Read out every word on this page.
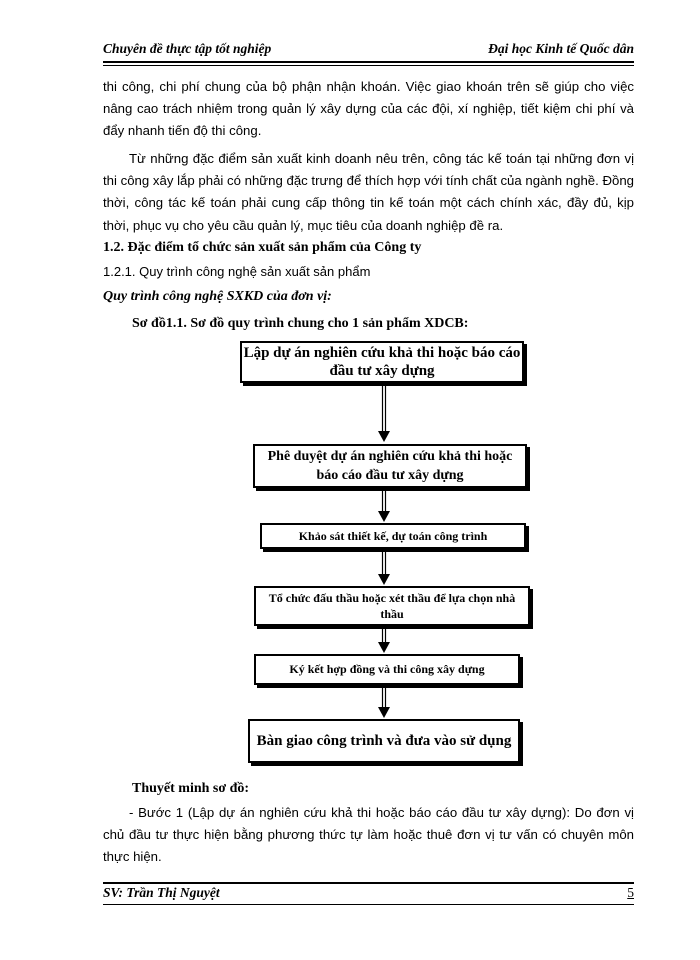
Chuyên đề thực tập tốt nghiệp	Đại học Kinh tế Quốc dân
thi công, chi phí chung của bộ phận nhận khoán. Việc giao khoán trên sẽ giúp cho việc nâng cao trách nhiệm trong quản lý xây dựng của các đội, xí nghiệp, tiết kiệm chi phí và đẩy nhanh tiến độ thi công.
Từ những đặc điểm sản xuất kinh doanh nêu trên, công tác kế toán tại những đơn vị thi công xây lắp phải có những đặc trưng để thích hợp với tính chất của ngành nghề. Đồng thời, công tác kế toán phải cung cấp thông tin kế toán một cách chính xác, đầy đủ, kịp thời, phục vụ cho yêu cầu quản lý, mục tiêu của doanh nghiệp đề ra.
1.2. Đặc điểm tổ chức sản xuất sản phẩm của Công ty
1.2.1. Quy trình công nghệ sản xuất sản phẩm
Quy trình công nghệ SXKD của đơn vị:
Sơ đồ1.1. Sơ đồ quy trình chung cho 1 sản phẩm XDCB:
Lập dự án nghiên cứu khả thi hoặc báo cáo đầu tư xây dựng
Phê duyệt dự án nghiên cứu khả thi hoặc báo cáo đầu tư xây dựng
Khảo sát thiết kế, dự toán công trình
Tổ chức đấu thầu hoặc xét thầu để lựa chọn nhà thầu
Ký kết hợp đồng và thi công xây dựng
Bàn giao công trình và đưa vào sử dụng
Thuyết minh sơ đồ:
- Bước 1 (Lập dự án nghiên cứu khả thi hoặc báo cáo đầu tư xây dựng): Do đơn vị chủ đầu tư thực hiện bằng phương thức tự làm hoặc thuê đơn vị tư vấn có chuyên môn thực hiện.
SV: Trần Thị Nguyệt	5
